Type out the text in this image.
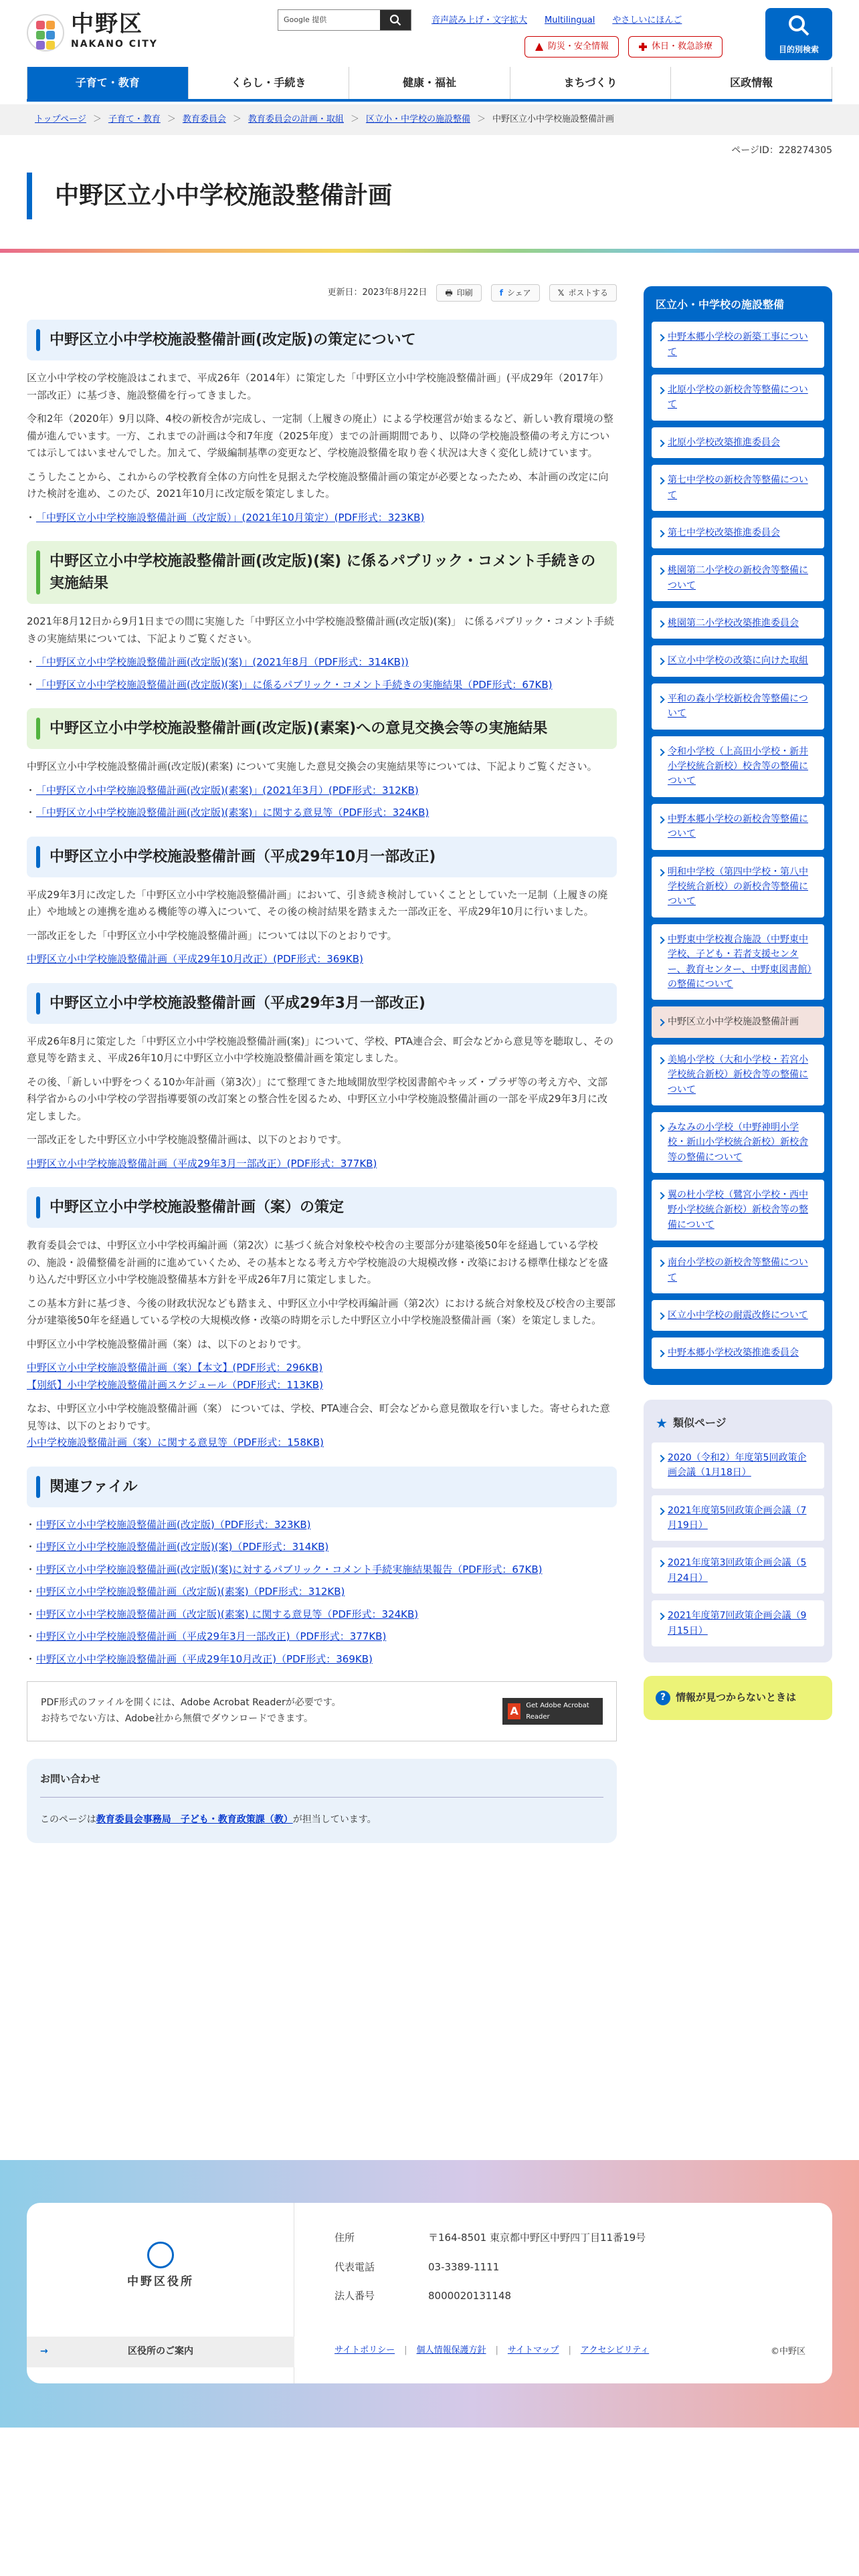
中野区
NAKANO CITY
Google 提供	音声読み上げ・文字拡大 Multilingual やさしいにほんご
防災・安全情報	休日・救急診療	目的別検索
子育て・教育	くらし・手続き	健康・福祉	まちづくり	区政情報
トップページ ＞ 子育て・教育 ＞ 教育委員会 ＞ 教育委員会の計画・取組 ＞ 区立小・中学校の施設整備 ＞ 中野区立小中学校施設整備計画
ページID：228274305
中野区立小中学校施設整備計画
更新日：2023年8月22日 🖶 印刷	f シェア	𝕏 ポストする
中野区立小中学校施設整備計画(改定版)の策定について

区立小中学校の学校施設はこれまで、平成26年（2014年）に策定した「中野区立小中学校施設整備計画」(平成29年（2017年）一部改正）に基づき、施設整備を行ってきました。

令和2年（2020年）9月以降、4校の新校舎が完成し、一定制（上履きの廃止）による学校運営が始まるなど、新しい教育環境の整備が進んでいます。一方、これまでの計画は令和7年度（2025年度）までの計画期間であり、以降の学校施設整備の考え方については示してはいませんでした。加えて、学級編制基準の変更など、学校施設整備を取り巻く状況は大きく変化し続けています。

こうしたことから、これからの学校教育全体の方向性を見据えた学校施設整備計画の策定が必要となったため、本計画の改定に向けた検討を進め、このたび、2021年10月に改定版を策定しました。

・ 「中野区立小中学校施設整備計画（改定版）」(2021年10月策定）(PDF形式：323KB)
中野区立小中学校施設整備計画(改定版)(案) に係るパブリック・コメント手続きの実施結果

2021年8月12日から9月1日までの間に実施した「中野区立小中学校施設整備計画(改定版)(案)」 に係るパブリック・コメント手続きの実施結果については、下記よりご覧ください。

・ 「中野区立小中学校施設整備計画(改定版)(案)」(2021年8月（PDF形式：314KB))
・ 「中野区立小中学校施設整備計画(改定版)(案)」に係るパブリック・コメント手続きの実施結果（PDF形式：67KB)
中野区立小中学校施設整備計画(改定版)(素案)への意見交換会等の実施結果

中野区立小中学校施設整備計画(改定版)(素案) について実施した意見交換会の実施結果等については、下記よりご覧ください。

・ 「中野区立小中学校施設整備計画(改定版)(素案)」(2021年3月）(PDF形式：312KB)
・ 「中野区立小中学校施設整備計画(改定版)(素案)」に関する意見等（PDF形式：324KB)
中野区立小中学校施設整備計画（平成29年10月一部改正)

平成29年3月に改定した「中野区立小中学校施設整備計画」において、引き続き検討していくこととしていた一足制（上履きの廃止）や地域との連携を進める機能等の導入について、その後の検討結果を踏まえた一部改正を、平成29年10月に行いました。

一部改正をした「中野区立小中学校施設整備計画」については以下のとおりです。

中野区立小中学校施設整備計画（平成29年10月改正）(PDF形式：369KB)
中野区立小中学校施設整備計画（平成29年3月一部改正)

平成26年8月に策定した「中野区立小中学校施設整備計画(案)」について、学校、PTA連合会、町会などから意見等を聴取し、その意見等を踏まえ、平成26年10月に中野区立小中学校施設整備計画を策定しました。

その後、「新しい中野をつくる10か年計画（第3次）」にて整理てきた地域開放型学校図書館やキッズ・プラザ等の考え方や、文部科学省からの小中学校の学習指導要領の改訂案との整合性を図るため、中野区立小中学校施設整備計画の一部を平成29年3月に改定しました。

一部改正をした中野区立小中学校施設整備計画は、以下のとおりです。

中野区立小中学校施設整備計画（平成29年3月一部改正）(PDF形式：377KB)
中野区立小中学校施設整備計画（案）の策定

教育委員会では、中野区立小中学校再編計画（第2次）に基づく統合対象校や校舎の主要部分が建築後50年を経過している学校の、施設・設備整備を計画的に進めていくため、その基本となる考え方や学校施設の大規模改修・改築における標準仕様などを盛り込んだ中野区立小中学校施設整備基本方針を平成26年7月に策定しました。

この基本方針に基づき、今後の財政状況なども踏まえ、中野区立小中学校再編計画（第2次）における統合対象校及び校舎の主要部分が建築後50年を経過している学校の大規模改修・改築の時期を示した中野区立小中学校施設整備計画（案）を策定しました。

中野区立小中学校施設整備計画（案）は、以下のとおりです。

中野区立小中学校施設整備計画（案）【本文】(PDF形式：296KB)
【別紙】小中学校施設整備計画スケジュール（PDF形式：113KB)

なお、中野区立小中学校施設整備計画（案） については、学校、PTA連合会、町会などから意見徴取を行いました。寄せられた意見等は、以下のとおりです。

小中学校施設整備計画（案）に関する意見等（PDF形式：158KB)
関連ファイル
・ 中野区立小中学校施設整備計画(改定版)（PDF形式：323KB)
・ 中野区立小中学校施設整備計画(改定版)(案)（PDF形式：314KB)
・ 中野区立小中学校施設整備計画(改定版)(案)に対するパブリック・コメント手続実施結果報告（PDF形式：67KB)
・ 中野区立小中学校施設整備計画（改定版)(素案)（PDF形式：312KB)
・ 中野区立小中学校施設整備計画（改定版)(素案) に関する意見等（PDF形式：324KB)
・ 中野区立小中学校施設整備計画（平成29年3月一部改正)（PDF形式：377KB)
・ 中野区立小中学校施設整備計画（平成29年10月改正)（PDF形式：369KB)
PDF形式のファイルを開くには、Adobe Acrobat Readerが必要です。
お持ちでない方は、Adobe社から無償でダウンロードできます。
A	Get Adobe Acrobat Reader
お問い合わせ
このページは教育委員会事務局　子ども・教育政策課（教）が担当しています。
区立小・中学校の施設整備
中野本郷小学校の新築工事について
北原小学校の新校舎等整備について
北原小学校改築推進委員会
第七中学校の新校舎等整備について
第七中学校改築推進委員会
桃園第二小学校の新校舎等整備について
桃園第二小学校改築推進委員会
区立小中学校の改築に向けた取組
平和の森小学校新校舎等整備について
令和小学校（上高田小学校・新井小学校統合新校）校舎等の整備について
中野本郷小学校の新校舎等整備について
明和中学校（第四中学校・第八中学校統合新校）の新校舎等整備について
中野東中学校複合施設（中野東中学校、子ども・若者支援センター、教育センター、中野東図書館）の整備について
中野区立小中学校施設整備計画
美鳩小学校（大和小学校・若宮小学校統合新校）新校舎等の整備について
みなみの小学校（中野神明小学校・新山小学校統合新校）新校舎等の整備について
翼の杜小学校（鷺宮小学校・西中野小学校統合新校）新校舎等の整備について
南台小学校の新校舎等整備について
区立小中学校の耐震改修について
中野本郷小学校改築推進委員会
★ 類似ページ
2020（令和2）年度第5回政策企画会議（1月18日）
2021年度第5回政策企画会議（7月19日）
2021年度第3回政策企画会議（5月24日）
2021年度第7回政策企画会議（9月15日）
? 情報が見つからないときは
中野区役所
→ 区役所のご案内
住所	〒164-8501 東京都中野区中野四丁目11番19号
代表電話	03-3389-1111
法人番号	8000020131148
サイトポリシー | 個人情報保護方針 | サイトマップ | アクセシビリティ	©中野区
